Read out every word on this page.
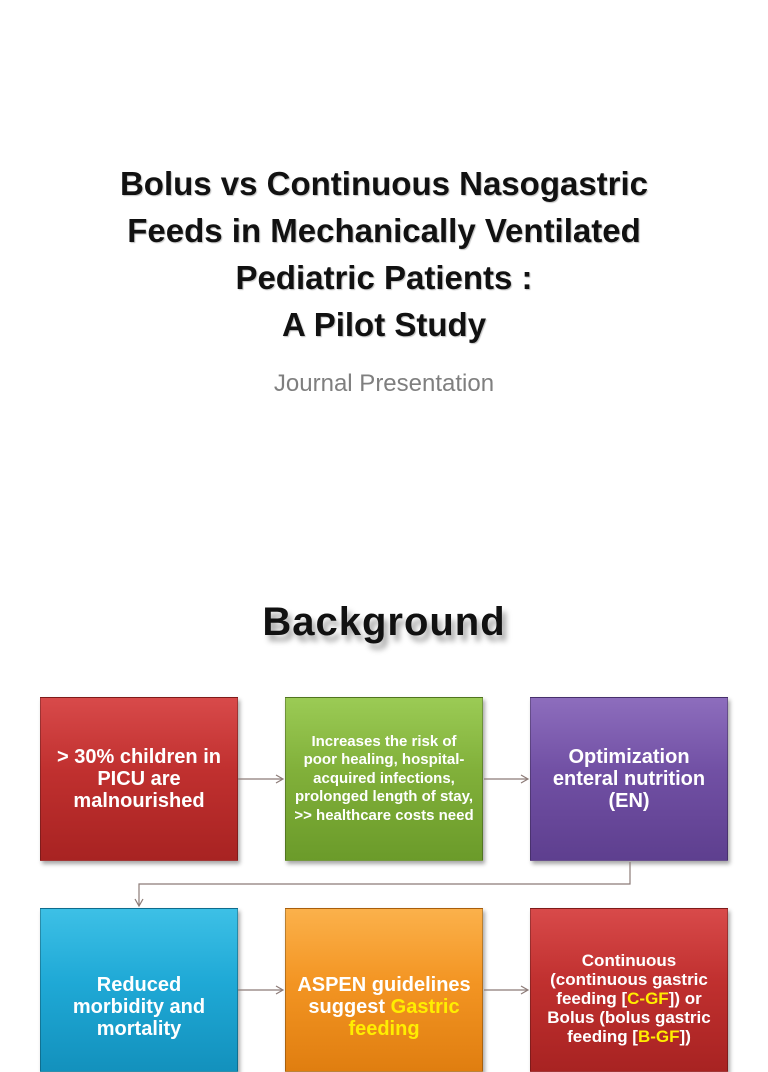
Bolus vs Continuous Nasogastric
Feeds in Mechanically Ventilated
Pediatric Patients :
A Pilot Study
Journal Presentation
Background
> 30% children in PICU are malnourished
Increases the risk of poor healing, hospital-acquired infections, prolonged length of stay, >> healthcare costs need
Optimization enteral nutrition (EN)
Reduced morbidity and mortality
ASPEN guidelines suggest Gastric feeding
Continuous (continuous gastric feeding [C-GF]) or Bolus (bolus gastric feeding [B-GF])
